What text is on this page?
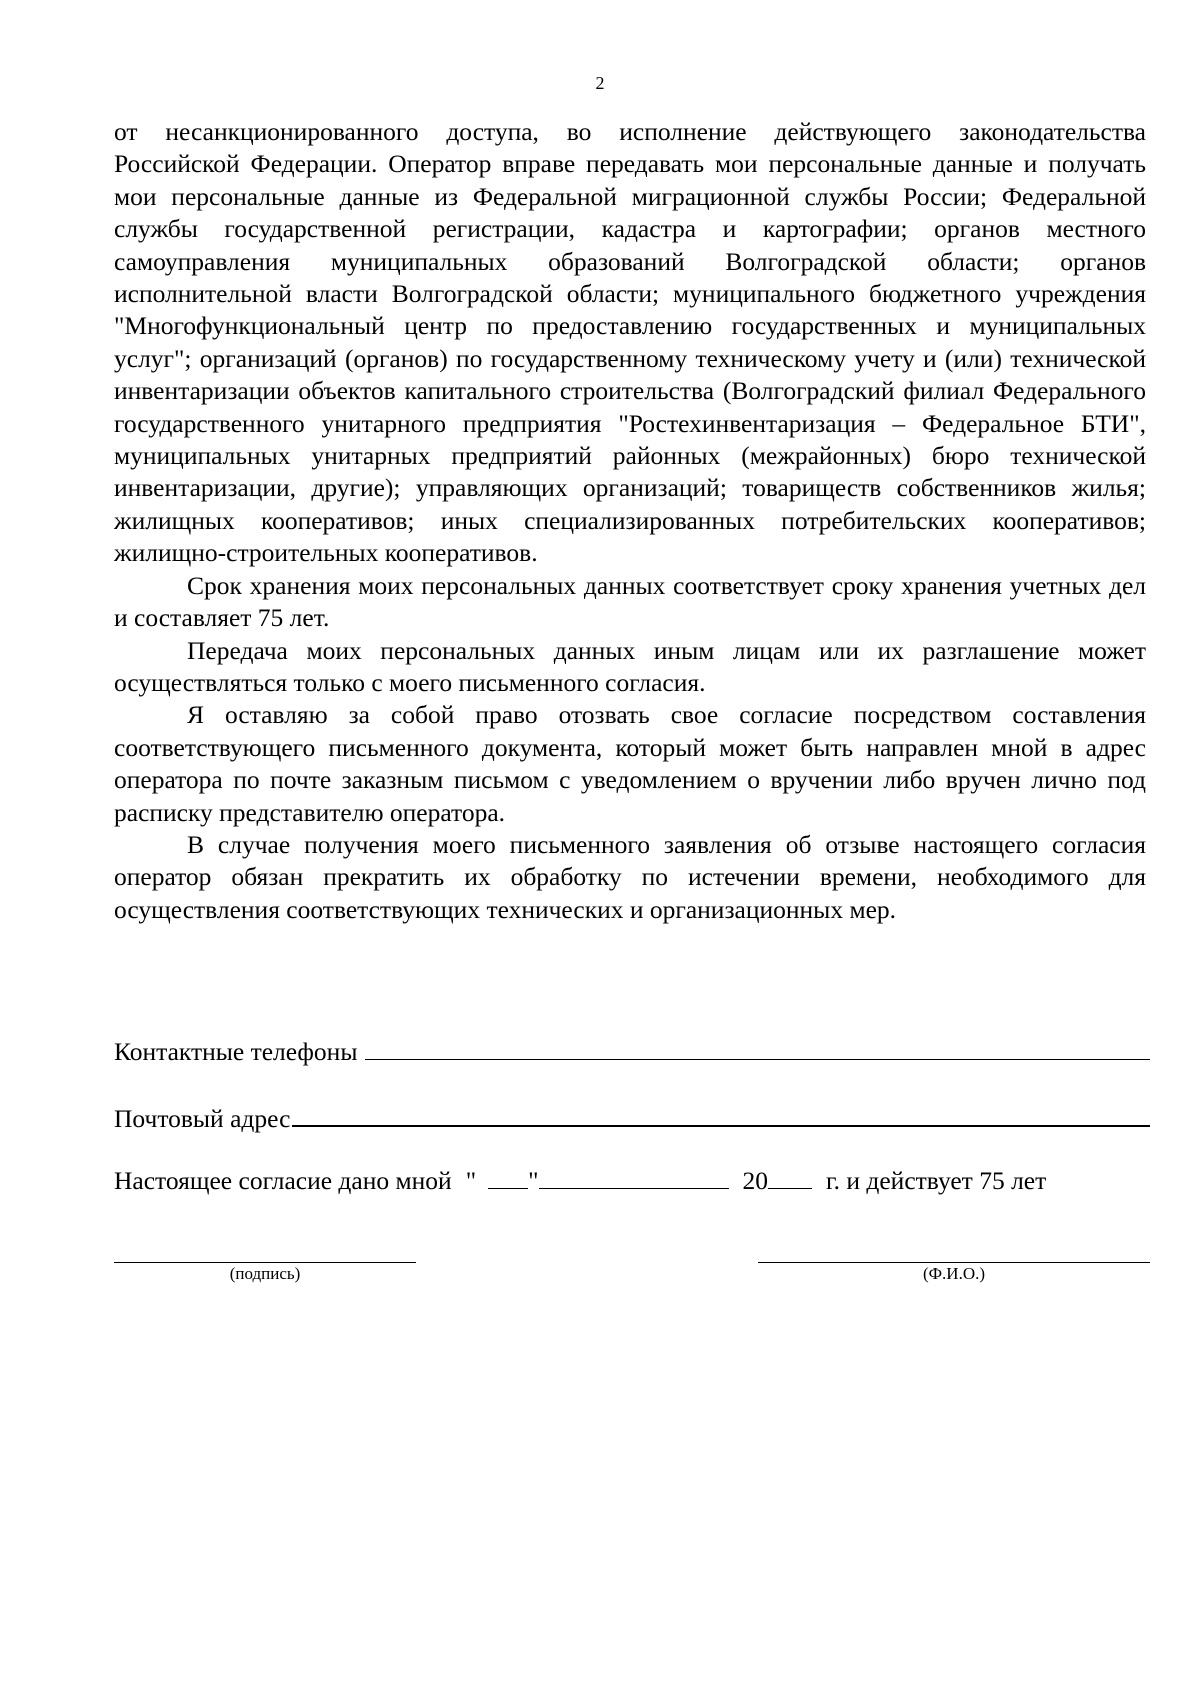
2

от несанкционированного доступа, во исполнение действующего законодательства Российской Федерации. Оператор вправе передавать мои персональные данные и получать мои персональные данные из Федеральной миграционной службы России; Федеральной службы государственной регистрации, кадастра и картографии; органов местного самоуправления муниципальных образований Волгоградской области; органов исполнительной власти Волгоградской области; муниципального бюджетного учреждения "Многофункциональный центр по предоставлению государственных и муниципальных услуг"; организаций (органов) по государственному техническому учету и (или) технической инвентаризации объектов капитального строительства (Волгоградский филиал Федерального государственного унитарного предприятия "Ростехинвентаризация – Федеральное БТИ", муниципальных унитарных предприятий районных (межрайонных) бюро технической инвентаризации, другие); управляющих организаций; товариществ собственников жилья; жилищных кооперативов; иных специализированных потребительских кооперативов; жилищно-строительных кооперативов.

Срок хранения моих персональных данных соответствует сроку хранения учетных дел и составляет 75 лет.

Передача моих персональных данных иным лицам или их разглашение может осуществляться только с моего письменного согласия.

Я оставляю за собой право отозвать свое согласие посредством составления соответствующего письменного документа, который может быть направлен мной в адрес оператора по почте заказным письмом с уведомлением о вручении либо вручен лично под расписку представителю оператора.

В случае получения моего письменного заявления об отзыве настоящего согласия оператор обязан прекратить их обработку по истечении времени, необходимого для осуществления соответствующих технических и организационных мер.

Контактные телефоны
Почтовый адрес
Настоящее согласие дано мной " "	20 г. и действует 75 лет
(подпись)	(Ф.И.О.)
